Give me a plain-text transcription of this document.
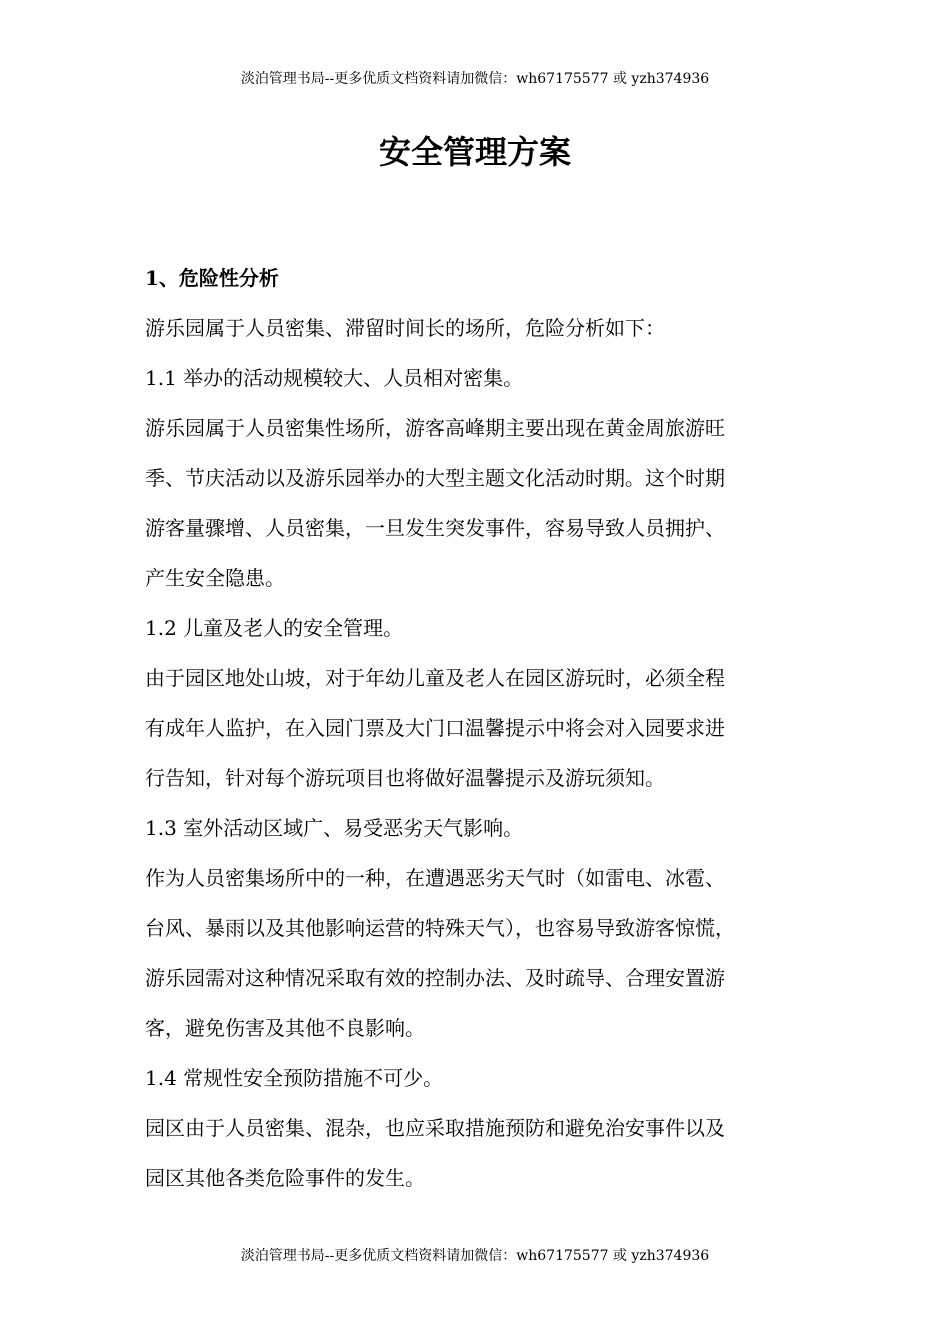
淡泊管理书局--更多优质文档资料请加微信：wh67175577 或 yzh374936
安全管理方案

1、危险性分析

游乐园属于人员密集、滞留时间长的场所，危险分析如下：

1.1 举办的活动规模较大、人员相对密集。

游乐园属于人员密集性场所，游客高峰期主要出现在黄金周旅游旺

季、节庆活动以及游乐园举办的大型主题文化活动时期。这个时期

游客量骤增、人员密集，一旦发生突发事件，容易导致人员拥护、

产生安全隐患。

1.2 儿童及老人的安全管理。

由于园区地处山坡，对于年幼儿童及老人在园区游玩时，必须全程

有成年人监护，在入园门票及大门口温馨提示中将会对入园要求进

行告知，针对每个游玩项目也将做好温馨提示及游玩须知。

1.3 室外活动区域广、易受恶劣天气影响。

作为人员密集场所中的一种，在遭遇恶劣天气时（如雷电、冰雹、

台风、暴雨以及其他影响运营的特殊天气），也容易导致游客惊慌，

游乐园需对这种情况采取有效的控制办法、及时疏导、合理安置游

客，避免伤害及其他不良影响。

1.4 常规性安全预防措施不可少。

园区由于人员密集、混杂，也应采取措施预防和避免治安事件以及

园区其他各类危险事件的发生。

淡泊管理书局--更多优质文档资料请加微信：wh67175577 或 yzh374936
